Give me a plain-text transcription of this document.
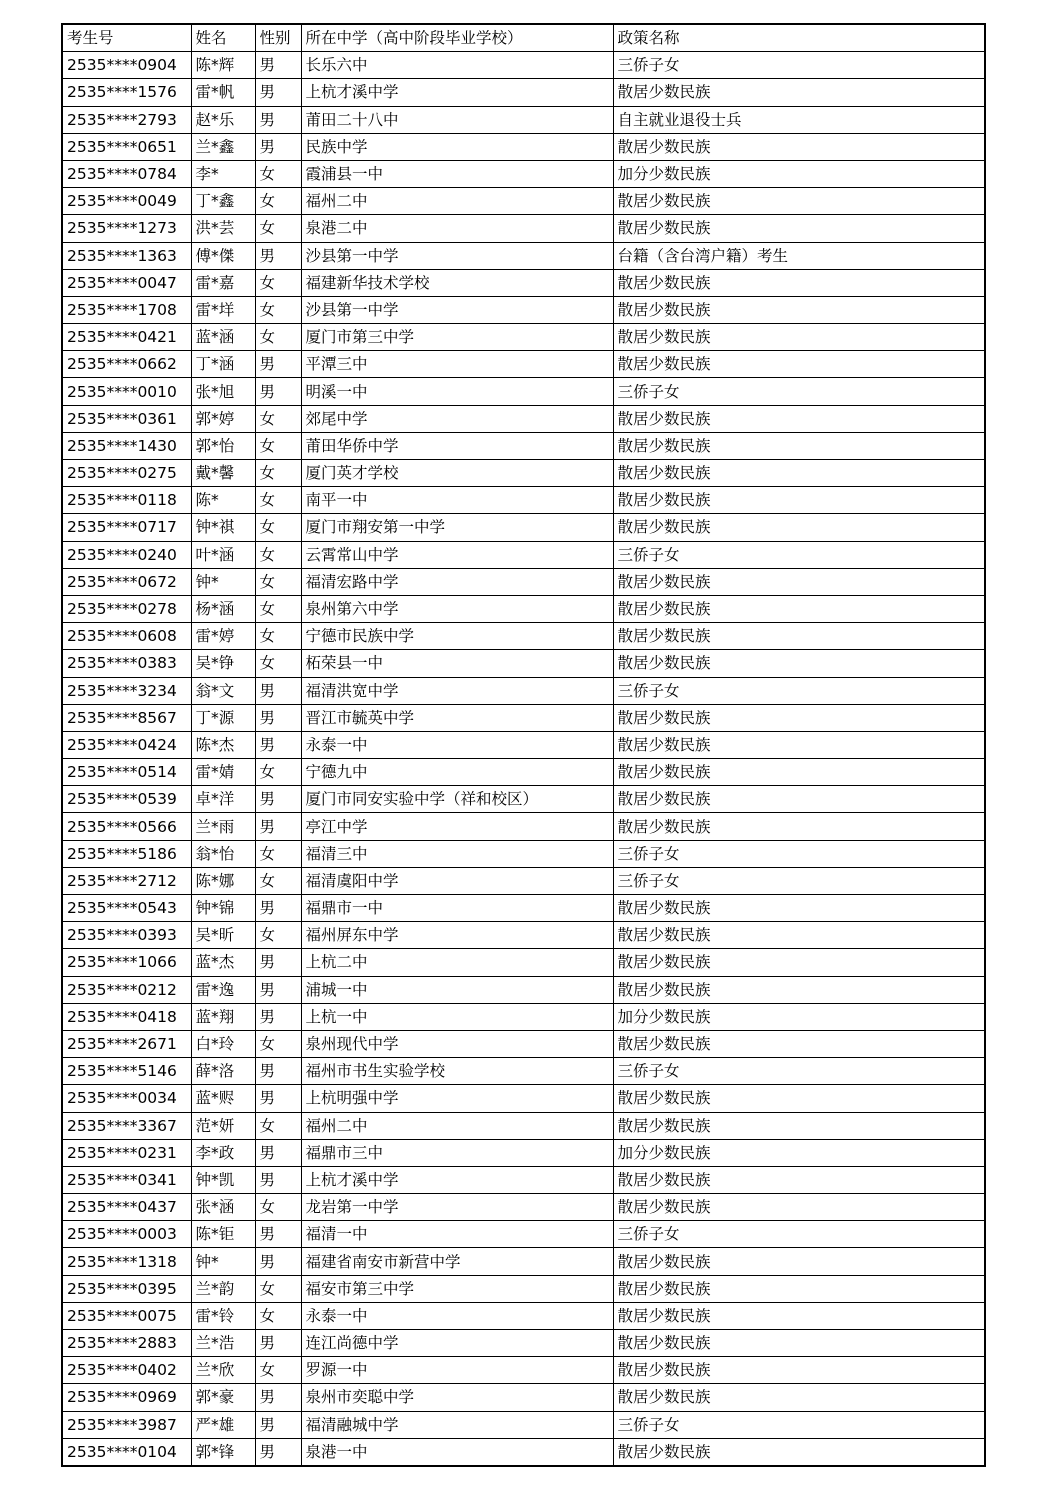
考生号	姓名	性别	所在中学（高中阶段毕业学校）	政策名称
2535****0904	陈*辉	男	长乐六中	三侨子女
2535****1576	雷*帆	男	上杭才溪中学	散居少数民族
2535****2793	赵*乐	男	莆田二十八中	自主就业退役士兵
2535****0651	兰*鑫	男	民族中学	散居少数民族
2535****0784	李*	女	霞浦县一中	加分少数民族
2535****0049	丁*鑫	女	福州二中	散居少数民族
2535****1273	洪*芸	女	泉港二中	散居少数民族
2535****1363	傅*傑	男	沙县第一中学	台籍（含台湾户籍）考生
2535****0047	雷*嘉	女	福建新华技术学校	散居少数民族
2535****1708	雷*垟	女	沙县第一中学	散居少数民族
2535****0421	蓝*涵	女	厦门市第三中学	散居少数民族
2535****0662	丁*涵	男	平潭三中	散居少数民族
2535****0010	张*旭	男	明溪一中	三侨子女
2535****0361	郭*婷	女	郊尾中学	散居少数民族
2535****1430	郭*怡	女	莆田华侨中学	散居少数民族
2535****0275	戴*馨	女	厦门英才学校	散居少数民族
2535****0118	陈*	女	南平一中	散居少数民族
2535****0717	钟*祺	女	厦门市翔安第一中学	散居少数民族
2535****0240	叶*涵	女	云霄常山中学	三侨子女
2535****0672	钟*	女	福清宏路中学	散居少数民族
2535****0278	杨*涵	女	泉州第六中学	散居少数民族
2535****0608	雷*婷	女	宁德市民族中学	散居少数民族
2535****0383	吴*铮	女	柘荣县一中	散居少数民族
2535****3234	翁*文	男	福清洪宽中学	三侨子女
2535****8567	丁*源	男	晋江市毓英中学	散居少数民族
2535****0424	陈*杰	男	永泰一中	散居少数民族
2535****0514	雷*婧	女	宁德九中	散居少数民族
2535****0539	卓*洋	男	厦门市同安实验中学（祥和校区）	散居少数民族
2535****0566	兰*雨	男	亭江中学	散居少数民族
2535****5186	翁*怡	女	福清三中	三侨子女
2535****2712	陈*娜	女	福清虞阳中学	三侨子女
2535****0543	钟*锦	男	福鼎市一中	散居少数民族
2535****0393	吴*昕	女	福州屏东中学	散居少数民族
2535****1066	蓝*杰	男	上杭二中	散居少数民族
2535****0212	雷*逸	男	浦城一中	散居少数民族
2535****0418	蓝*翔	男	上杭一中	加分少数民族
2535****2671	白*玲	女	泉州现代中学	散居少数民族
2535****5146	薛*洛	男	福州市书生实验学校	三侨子女
2535****0034	蓝*赆	男	上杭明强中学	散居少数民族
2535****3367	范*妍	女	福州二中	散居少数民族
2535****0231	李*政	男	福鼎市三中	加分少数民族
2535****0341	钟*凯	男	上杭才溪中学	散居少数民族
2535****0437	张*涵	女	龙岩第一中学	散居少数民族
2535****0003	陈*钜	男	福清一中	三侨子女
2535****1318	钟*	男	福建省南安市新营中学	散居少数民族
2535****0395	兰*韵	女	福安市第三中学	散居少数民族
2535****0075	雷*铃	女	永泰一中	散居少数民族
2535****2883	兰*浩	男	连江尚德中学	散居少数民族
2535****0402	兰*欣	女	罗源一中	散居少数民族
2535****0969	郭*豪	男	泉州市奕聪中学	散居少数民族
2535****3987	严*雄	男	福清融城中学	三侨子女
2535****0104	郭*锋	男	泉港一中	散居少数民族
